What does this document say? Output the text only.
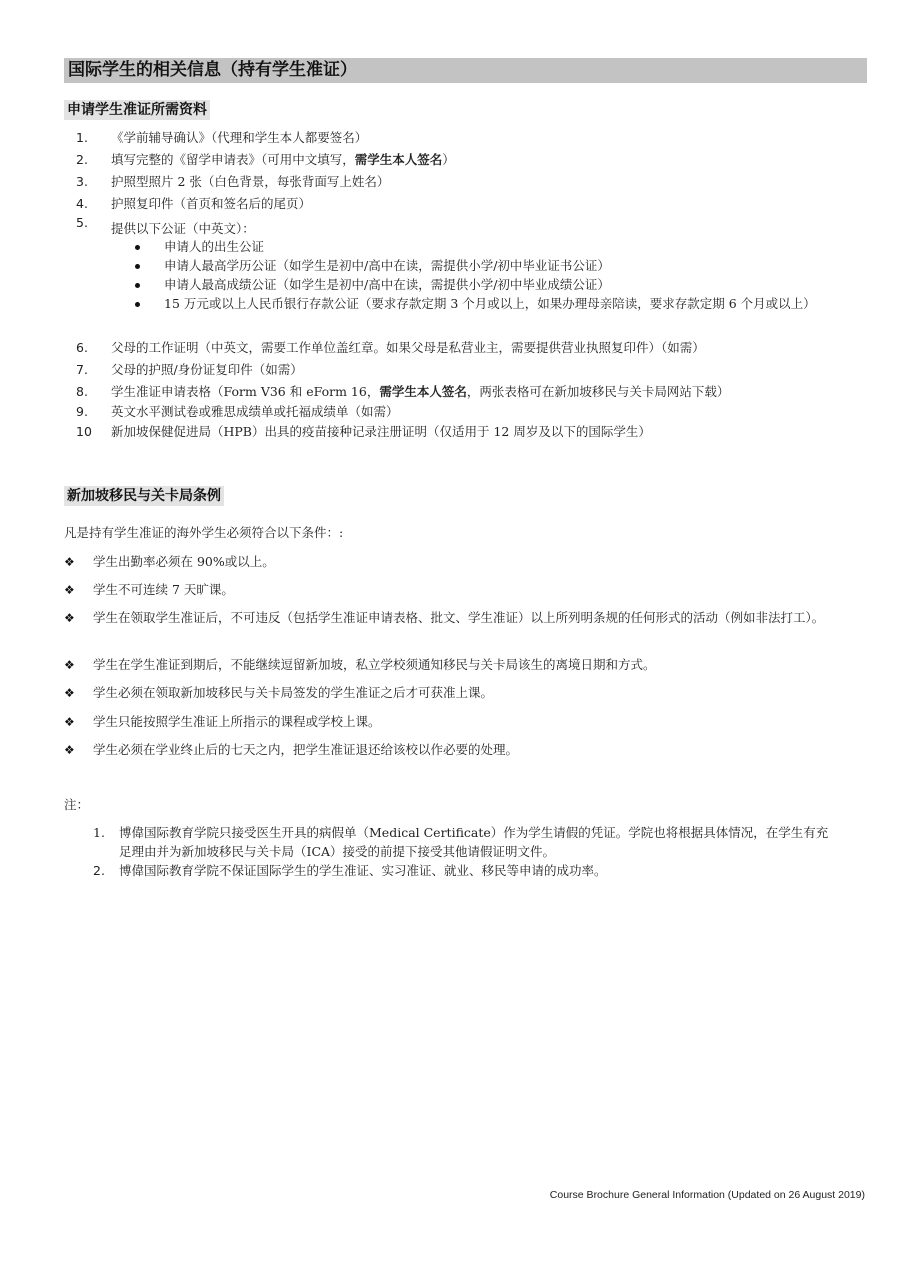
国际学生的相关信息（持有学生准证）
申请学生准证所需资料
1. 《学前辅导确认》（代理和学生本人都要签名）
2. 填写完整的《留学申请表》（可用中文填写，需学生本人签名）
3. 护照型照片 2 张（白色背景，每张背面写上姓名）
4. 护照复印件（首页和签名后的尾页）
5. 提供以下公证（中英文）：
申请人的出生公证
申请人最高学历公证（如学生是初中/高中在读，需提供小学/初中毕业证书公证）
申请人最高成绩公证（如学生是初中/高中在读，需提供小学/初中毕业成绩公证）
15 万元或以上人民币银行存款公证（要求存款定期 3 个月或以上，如果办理母亲陪读，要求存款定期 6 个月或以上）
6. 父母的工作证明（中英文，需要工作单位盖红章。如果父母是私营业主，需要提供营业执照复印件）（如需）
7. 父母的护照/身份证复印件（如需）
8. 学生准证申请表格（Form V36 和 eForm 16，需学生本人签名，两张表格可在新加坡移民与关卡局网站下载）
9. 英文水平测试卷或雅思成绩单或托福成绩单（如需）
10 新加坡保健促进局（HPB）出具的疫苗接种记录注册证明（仅适用于 12 周岁及以下的国际学生）
新加坡移民与关卡局条例
凡是持有学生准证的海外学生必须符合以下条件：:
❖ 学生出勤率必须在 90%或以上。
❖ 学生不可连续 7 天旷课。
❖ 学生在领取学生准证后，不可违反（包括学生准证申请表格、批文、学生准证）以上所列明条规的任何形式的活动（例如非法打工）。
❖ 学生在学生准证到期后，不能继续逗留新加坡，私立学校须通知移民与关卡局该生的离境日期和方式。
❖ 学生必须在领取新加坡移民与关卡局签发的学生准证之后才可获准上课。
❖ 学生只能按照学生准证上所指示的课程或学校上课。
❖ 学生必须在学业终止后的七天之内，把学生准证退还给该校以作必要的处理。
注：
1. 博偉国际教育学院只接受医生开具的病假单（Medical Certificate）作为学生请假的凭证。学院也将根据具体情况，在学生有充足理由并为新加坡移民与关卡局（ICA）接受的前提下接受其他请假证明文件。
2. 博偉国际教育学院不保证国际学生的学生准证、实习准证、就业、移民等申请的成功率。
Course Brochure General Information (Updated on 26 August 2019)
